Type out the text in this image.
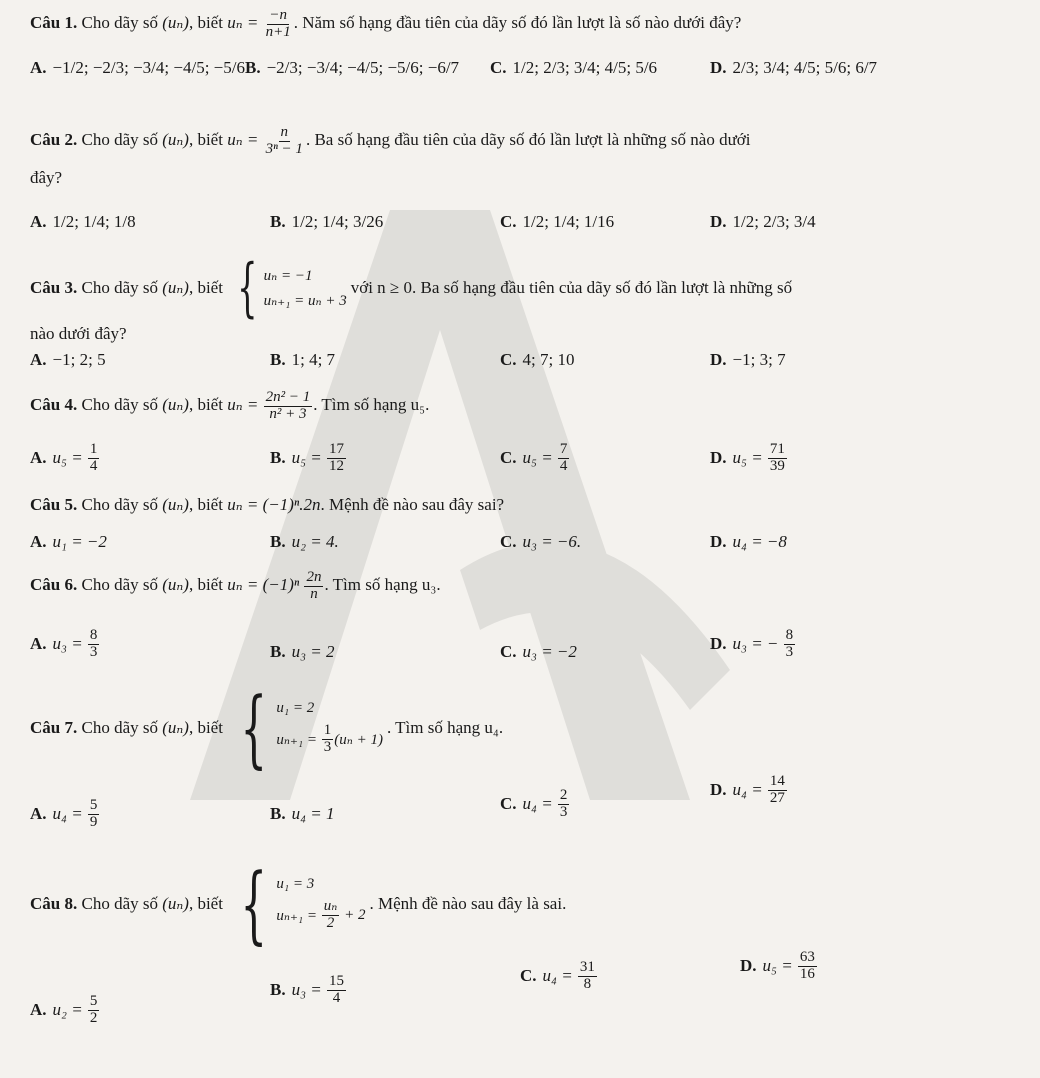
Câu 1. Cho dãy số (uₙ), biết $u_n = \frac{-n}{n+1}$ . Năm số hạng đầu tiên của dãy số đó lần lượt là số nào dưới đây?
A. −1/2; −2/3; −3/4; −4/5; −5/6 B. −2/3; −3/4; −4/5; −5/6; −6/7 C. 1/2; 2/3; 3/4; 4/5; 5/6	D. 2/3; 3/4; 4/5; 5/6; 6/7
Câu 2. Cho dãy số (uₙ), biết $u_n = \frac{n}{\text{3ⁿ − 1}}$ . Ba số hạng đầu tiên của dãy số đó lần lượt là những số nào dưới
đây?
A. 1/2; 1/4; 1/8	B. 1/2; 1/4; 3/26	C. 1/2; 1/4; 1/16	D. 1/2; 2/3; 3/4
Câu 3.
Cho dãy số
(uₙ) , biết { uₙ = −1
uₙ₊₁ = uₙ + 3
với n ≥ 0. Ba số hạng đầu tiên của dãy số đó lần lượt là những số
nào dưới đây?
A. −1; 2; 5	B. 1; 4; 7	C. 4; 7; 10	D. −1; 3; 7
Câu 4. Cho dãy số (uₙ), biết $u_n = \frac{\text{2n² − 1}}{\text{n² + 3}}$ . Tìm số hạng u₅.
A. u₅ =
$\frac{1}{4}$	B. u₅ =
$\frac{17}{12}$	C. u₅ =
$\frac{7}{4}$	D. u₅ =
$\frac{71}{39}$
Câu 5. Cho dãy số (uₙ), biết uₙ = (−1)ⁿ.2n. Mệnh đề nào sau đây sai?
A. u₁ = −2	B. u₂ = 4.	C. u₃ = −6.	D. u₄ = −8
Câu 6. Cho dãy số (uₙ), biết $u_n = (-1)^n \frac{2n}{n}$ . Tìm số hạng u₃.
A. u₃ =
$\frac{8}{3}$	B. u₃ = 2	C. u₃ = −2	D. u₃ = −
$\frac{8}{3}$
Câu 7.
Cho dãy số
(uₙ) , biết { u₁ = 2
uₙ₊₁ =
$\frac{1}{3} (u_n + 1)$
. Tìm số hạng u₄.
A. u₄ =
$\frac{5}{9}$	B. u₄ = 1
C. u₄ =
$\frac{2}{3}$	D. u₄ =
$\frac{14}{27}$
Câu 8.
Cho dãy số
(uₙ) , biết { u₁ = 3
uₙ₊₁ =
$\frac{\text{uₙ}}{2}$
+ 2
. Mệnh đề nào sau đây là sai.
A. u₂ =
$\frac{5}{2}$
B. u₃ =
$\frac{15}{4}$	C. u₄ =
$\frac{31}{8}$	D. u₅ =
$\frac{63}{16}$
